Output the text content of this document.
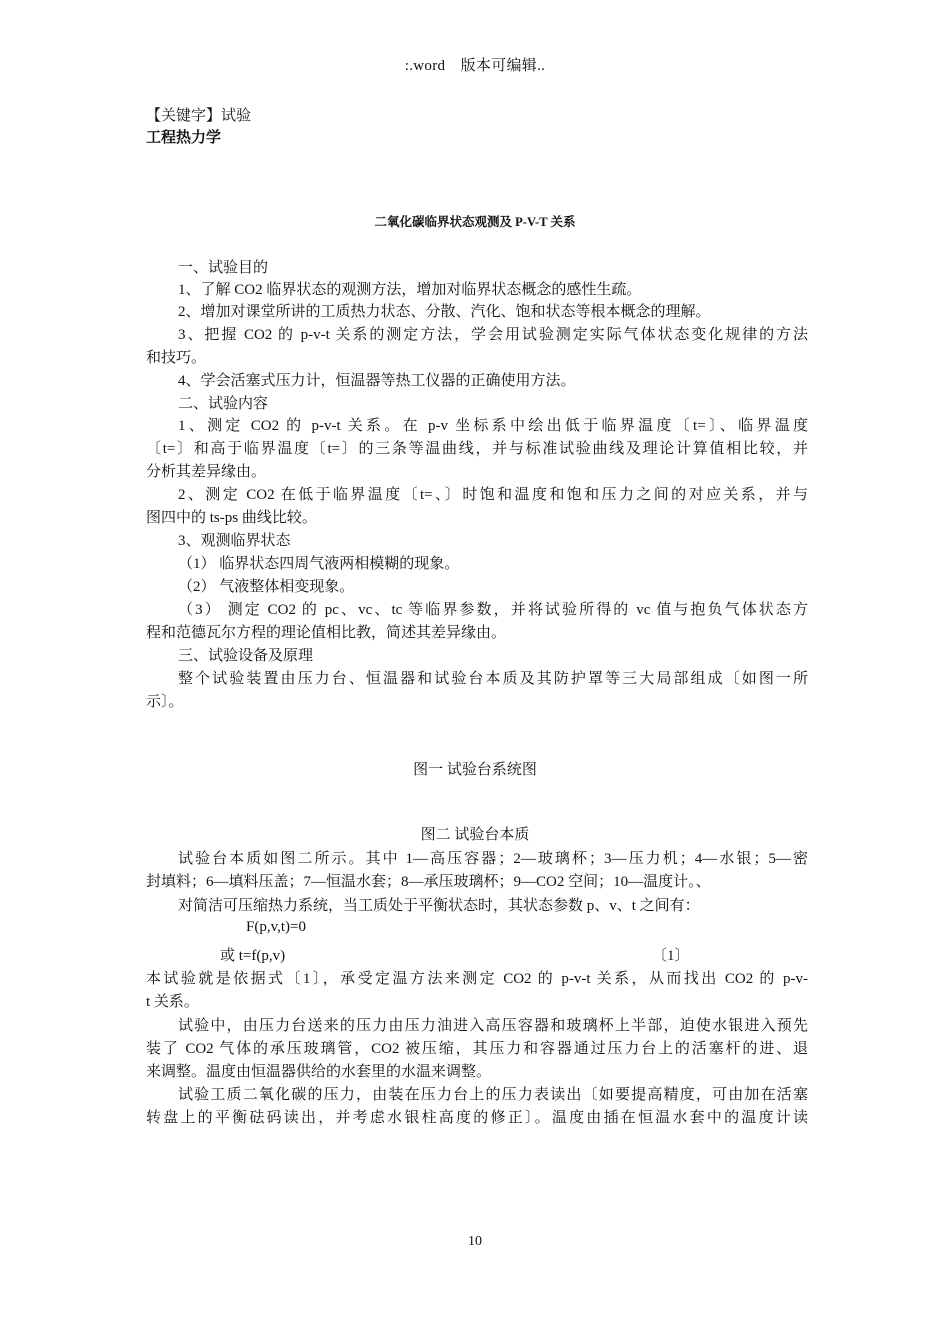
:.word　版本可编辑..
【关键字】试验
工程热力学
二氧化碳临界状态观测及 P-V-T 关系
一、试验目的
1、了解 CO2 临界状态的观测方法，增加对临界状态概念的感性生疏。
2、增加对课堂所讲的工质热力状态、分散、汽化、饱和状态等根本概念的理解。
3、把握 CO2 的 p-v-t 关系的测定方法，学会用试验测定实际气体状态变化规律的方法
和技巧。
4、学会活塞式压力计，恒温器等热工仪器的正确使用方法。
二、试验内容
1、测定 CO2 的 p-v-t 关系。在 p-v 坐标系中绘出低于临界温度〔t=〕、临界温度
〔t=〕和高于临界温度〔t=〕的三条等温曲线，并与标准试验曲线及理论计算值相比较，并
分析其差异缘由。
2、测定 CO2 在低于临界温度〔t=、〕时饱和温度和饱和压力之间的对应关系，并与
图四中的 ts-ps 曲线比较。
3、观测临界状态
（1） 临界状态四周气液两相模糊的现象。
（2） 气液整体相变现象。
（3） 测定 CO2 的 pc、vc、tc 等临界参数，并将试验所得的 vc 值与抱负气体状态方
程和范德瓦尔方程的理论值相比教，简述其差异缘由。
三、试验设备及原理
整个试验装置由压力台、恒温器和试验台本质及其防护罩等三大局部组成〔如图一所
示〕。
图一 试验台系统图
图二 试验台本质
试验台本质如图二所示。其中 1—高压容器；2—玻璃杯；3—压力机；4—水银；5—密
封填料；6—填料压盖；7—恒温水套；8—承压玻璃杯；9—CO2 空间；10—温度计。、
对简洁可压缩热力系统，当工质处于平衡状态时，其状态参数 p、v、t 之间有：
F(p,v,t)=0
或 t=f(p,v)	〔1〕
本试验就是依据式〔1〕，承受定温方法来测定 CO2 的 p-v-t 关系，从而找出 CO2 的 p-v-
t 关系。
试验中，由压力台送来的压力由压力油进入高压容器和玻璃杯上半部，迫使水银进入预先
装了 CO2 气体的承压玻璃管，CO2 被压缩，其压力和容器通过压力台上的活塞杆的进、退
来调整。温度由恒温器供给的水套里的水温来调整。
试验工质二氧化碳的压力，由装在压力台上的压力表读出〔如要提高精度，可由加在活塞
转盘上的平衡砝码读出，并考虑水银柱高度的修正〕。温度由插在恒温水套中的温度计读
10
